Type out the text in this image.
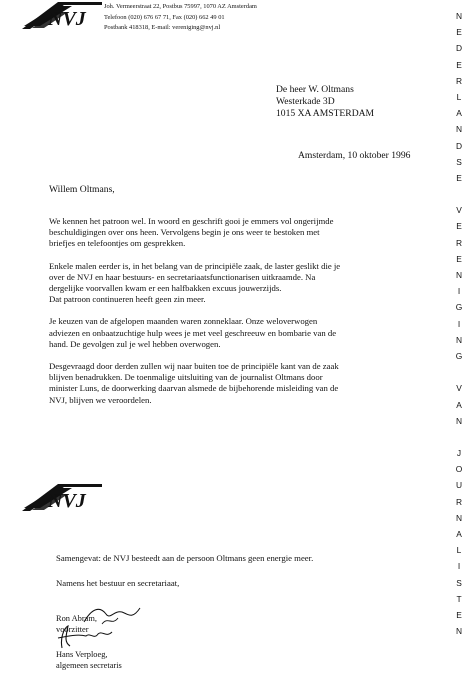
NVJ
Joh. Vermeerstraat 22, Postbus 75997, 1070 AZ Amsterdam
Telefoon (020) 676 67 71, Fax (020) 662 49 01
Postbank 418318, E-mail: vereniging@nvj.nl
De heer W. Oltmans
Westerkade 3D
1015 XA AMSTERDAM
Amsterdam, 10 oktober 1996
Willem Oltmans,

We kennen het patroon wel. In woord en geschrift gooi je emmers vol ongerijmde
beschuldigingen over ons heen. Vervolgens begin je ons weer te bestoken met
briefjes en telefoontjes om gesprekken.

Enkele malen eerder is, in het belang van de principiële zaak, de laster geslikt die je
over de NVJ en haar bestuurs- en secretariaatsfunctionarisen uitkraamde. Na
dergelijke voorvallen kwam er een halfbakken excuus jouwerzijds.
Dat patroon continueren heeft geen zin meer.

Je keuzen van de afgelopen maanden waren zonneklaar. Onze weloverwogen
adviezen en onbaatzuchtige hulp wees je met veel geschreeuw en bombarie van de
hand. De gevolgen zul je wel hebben overwogen.

Desgevraagd door derden zullen wij naar buiten toe de principiële kant van de zaak
blijven benadrukken. De toenmalige uitsluiting van de journalist Oltmans door
minister Luns, de doorwerking daarvan alsmede de bijbehorende misleiding van de
NVJ, blijven we veroordelen.

NVJ
Samengevat: de NVJ besteedt aan de persoon Oltmans geen energie meer.
Namens het bestuur en secretariaat,
Ron Abram,
voorzitter
Hans Verploeg,
algemeen secretaris
N
E
D
E
R
L
A
N
D
S
E
V
E
R
E
N
I
G
I
N
G
V
A
N
J
O
U
R
N
A
L
I
S
T
E
N
